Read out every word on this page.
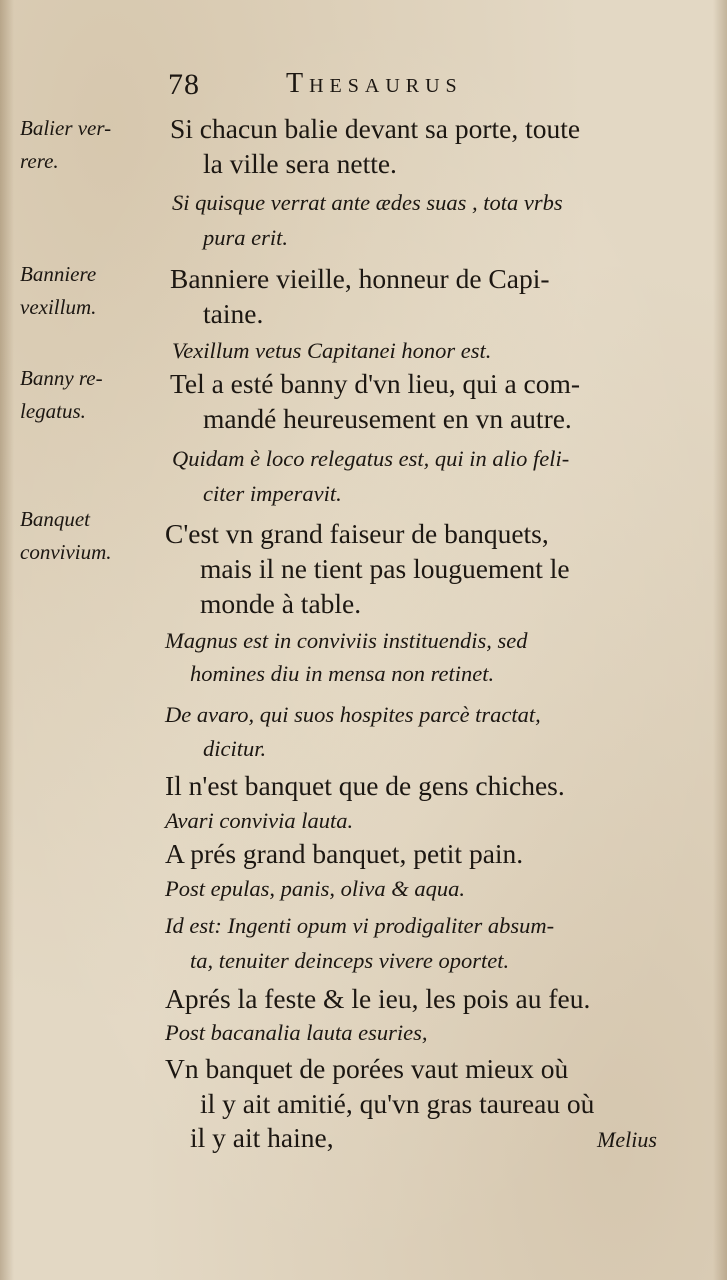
78	Thesaurus
Balier ver-
rere.
Banniere
vexillum.
Banny re-
legatus.
Banquet
convivium.
Si chacun balie devant sa porte, toute
la ville sera nette.
Si quisque verrat ante ædes suas , tota vrbs
pura erit.
Banniere vieille, honneur de Capi-
taine.
Vexillum vetus Capitanei honor est.
Tel a esté banny d'vn lieu, qui a com-
mandé heureusement en vn autre.
Quidam è loco relegatus est, qui in alio feli-
citer imperavit.
C'est vn grand faiseur de banquets,
mais il ne tient pas louguement le
monde à table.
Magnus est in conviviis instituendis, sed
homines diu in mensa non retinet.
De avaro, qui suos hospites parcè tractat,
dicitur.
Il n'est banquet que de gens chiches.
Avari convivia lauta.
A prés grand banquet, petit pain.
Post epulas, panis, oliva & aqua.
Id est: Ingenti opum vi prodigaliter absum-
ta, tenuiter deinceps vivere oportet.
Aprés la feste & le ieu, les pois au feu.
Post bacanalia lauta esuries,
Vn banquet de porées vaut mieux où
il y ait amitié, qu'vn gras taureau où
il y ait haine,	Melius
